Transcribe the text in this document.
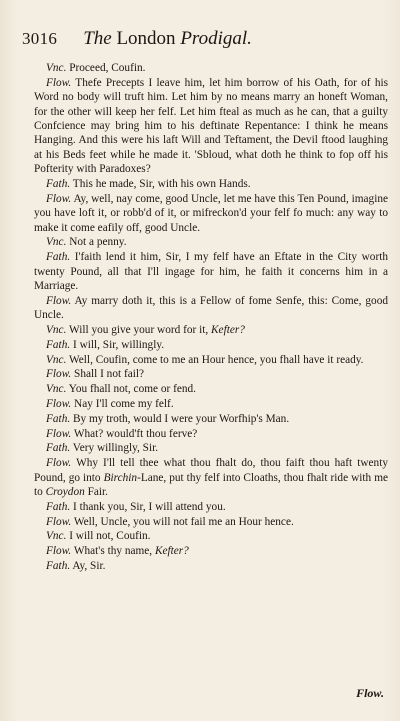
3016 The London Prodigal.

Vnc. Proceed, Coufin.

Flow. Thefe Precepts I leave him, let him borrow of his Oath, for of his Word no body will truft him. Let him by no means marry an honeft Woman, for the other will keep her felf. Let him fteal as much as he can, that a guilty Confcience may bring him to his deftinate Repentance: I think he means Hanging. And this were his laft Will and Teftament, the Devil ftood laughing at his Beds feet while he made it. 'Sbloud, what doth he think to fop off his Pofterity with Paradoxes?

Fath. This he made, Sir, with his own Hands.

Flow. Ay, well, nay come, good Uncle, let me have this Ten Pound, imagine you have loft it, or robb'd of it, or mifreckon'd your felf fo much: any way to make it come eafily off, good Uncle.

Vnc. Not a penny.

Fath. I'faith lend it him, Sir, I my felf have an Eftate in the City worth twenty Pound, all that I'll ingage for him, he faith it concerns him in a Marriage.

Flow. Ay marry doth it, this is a Fellow of fome Senfe, this: Come, good Uncle.

Vnc. Will you give your word for it, Kefter?

Fath. I will, Sir, willingly.

Vnc. Well, Coufin, come to me an Hour hence, you fhall have it ready.

Flow. Shall I not fail?

Vnc. You fhall not, come or fend.

Flow. Nay I'll come my felf.

Fath. By my troth, would I were your Worfhip's Man.

Flow. What? would'ft thou ferve?

Fath. Very willingly, Sir.

Flow. Why I'll tell thee what thou fhalt do, thou faift thou haft twenty Pound, go into Birchin-Lane, put thy felf into Cloaths, thou fhalt ride with me to Croydon Fair.

Fath. I thank you, Sir, I will attend you.

Flow. Well, Uncle, you will not fail me an Hour hence.

Vnc. I will not, Coufin.

Flow. What's thy name, Kefter?

Fath. Ay, Sir.

Flow.
